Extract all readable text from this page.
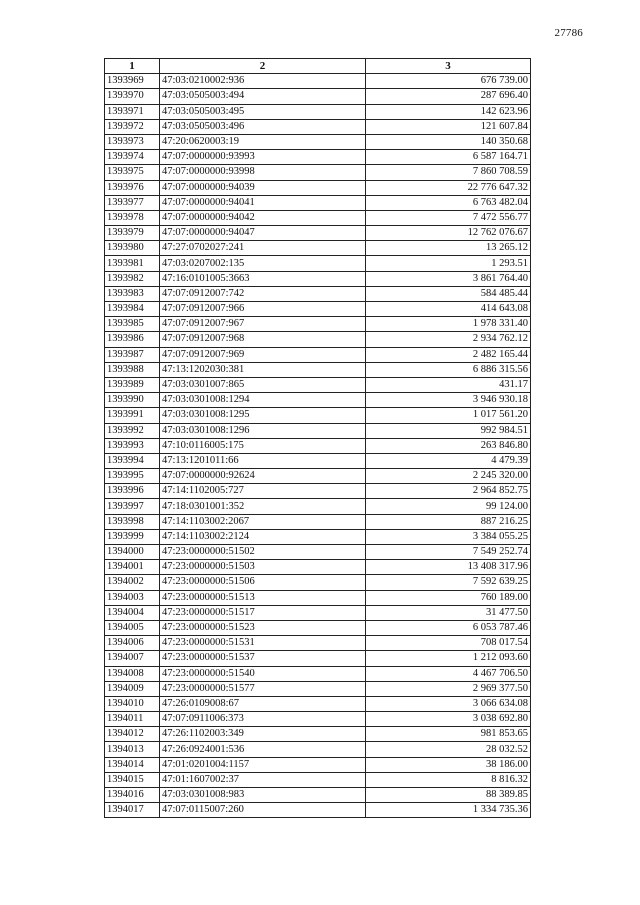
27786
1	2	3
1393969	47:03:0210002:936	676 739.00
1393970	47:03:0505003:494	287 696.40
1393971	47:03:0505003:495	142 623.96
1393972	47:03:0505003:496	121 607.84
1393973	47:20:0620003:19	140 350.68
1393974	47:07:0000000:93993	6 587 164.71
1393975	47:07:0000000:93998	7 860 708.59
1393976	47:07:0000000:94039	22 776 647.32
1393977	47:07:0000000:94041	6 763 482.04
1393978	47:07:0000000:94042	7 472 556.77
1393979	47:07:0000000:94047	12 762 076.67
1393980	47:27:0702027:241	13 265.12
1393981	47:03:0207002:135	1 293.51
1393982	47:16:0101005:3663	3 861 764.40
1393983	47:07:0912007:742	584 485.44
1393984	47:07:0912007:966	414 643.08
1393985	47:07:0912007:967	1 978 331.40
1393986	47:07:0912007:968	2 934 762.12
1393987	47:07:0912007:969	2 482 165.44
1393988	47:13:1202030:381	6 886 315.56
1393989	47:03:0301007:865	431.17
1393990	47:03:0301008:1294	3 946 930.18
1393991	47:03:0301008:1295	1 017 561.20
1393992	47:03:0301008:1296	992 984.51
1393993	47:10:0116005:175	263 846.80
1393994	47:13:1201011:66	4 479.39
1393995	47:07:0000000:92624	2 245 320.00
1393996	47:14:1102005:727	2 964 852.75
1393997	47:18:0301001:352	99 124.00
1393998	47:14:1103002:2067	887 216.25
1393999	47:14:1103002:2124	3 384 055.25
1394000	47:23:0000000:51502	7 549 252.74
1394001	47:23:0000000:51503	13 408 317.96
1394002	47:23:0000000:51506	7 592 639.25
1394003	47:23:0000000:51513	760 189.00
1394004	47:23:0000000:51517	31 477.50
1394005	47:23:0000000:51523	6 053 787.46
1394006	47:23:0000000:51531	708 017.54
1394007	47:23:0000000:51537	1 212 093.60
1394008	47:23:0000000:51540	4 467 706.50
1394009	47:23:0000000:51577	2 969 377.50
1394010	47:26:0109008:67	3 066 634.08
1394011	47:07:0911006:373	3 038 692.80
1394012	47:26:1102003:349	981 853.65
1394013	47:26:0924001:536	28 032.52
1394014	47:01:0201004:1157	38 186.00
1394015	47:01:1607002:37	8 816.32
1394016	47:03:0301008:983	88 389.85
1394017	47:07:0115007:260	1 334 735.36
